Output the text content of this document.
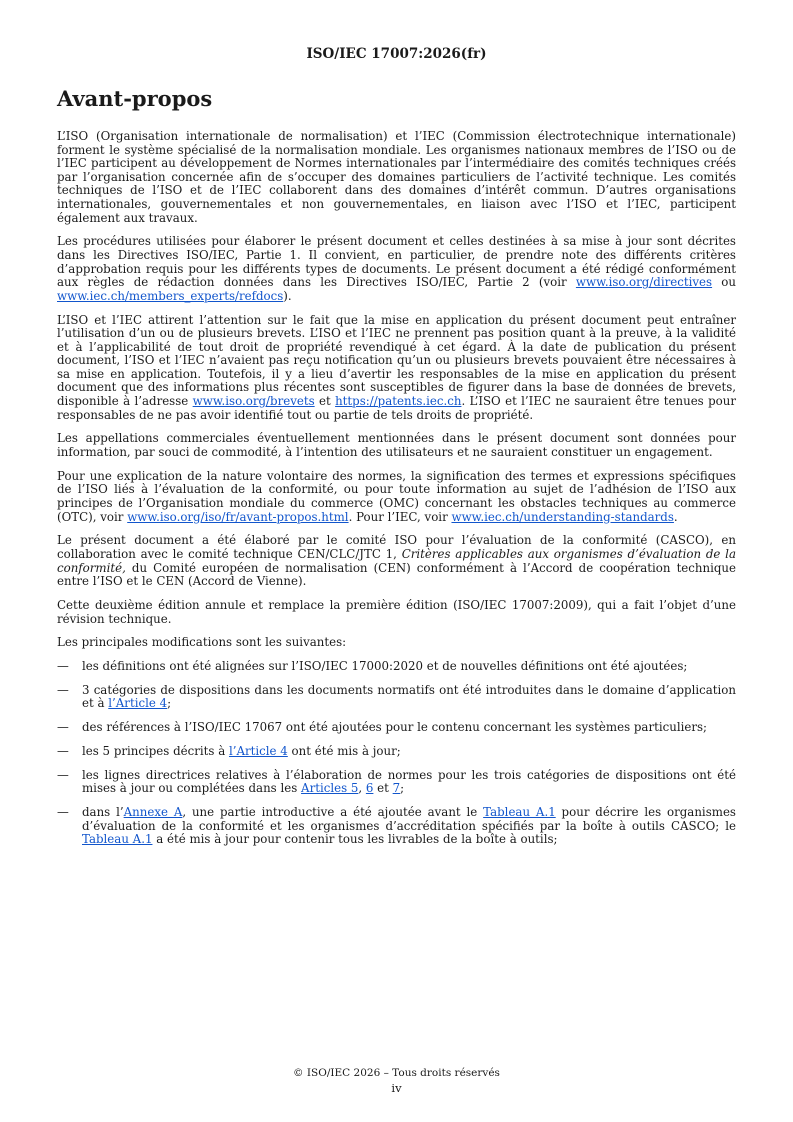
ISO/IEC 17007:2026(fr)
Avant-propos

L’ISO (Organisation internationale de normalisation) et l’IEC (Commission électrotechnique internationale) forment le système spécialisé de la normalisation mondiale. Les organismes nationaux membres de l’ISO ou de l’IEC participent au développement de Normes internationales par l’intermédiaire des comités techniques créés par l’organisation concernée afin de s’occuper des domaines particuliers de l’activité technique. Les comités techniques de l’ISO et de l’IEC collaborent dans des domaines d’intérêt commun. D’autres organisations internationales, gouvernementales et non gouvernementales, en liaison avec l’ISO et l’IEC, participent également aux travaux.

Les procédures utilisées pour élaborer le présent document et celles destinées à sa mise à jour sont décrites dans les Directives ISO/IEC, Partie 1. Il convient, en particulier, de prendre note des différents critères d’approbation requis pour les différents types de documents. Le présent document a été rédigé conformément aux règles de rédaction données dans les Directives ISO/IEC, Partie 2 (voir www.iso.org/directives ou www.iec.ch/members_experts/refdocs).

L’ISO et l’IEC attirent l’attention sur le fait que la mise en application du présent document peut entraîner l’utilisation d’un ou de plusieurs brevets. L’ISO et l’IEC ne prennent pas position quant à la preuve, à la validité et à l’applicabilité de tout droit de propriété revendiqué à cet égard. À la date de publication du présent document, l’ISO et l’IEC n’avaient pas reçu notification qu’un ou plusieurs brevets pouvaient être nécessaires à sa mise en application. Toutefois, il y a lieu d’avertir les responsables de la mise en application du présent document que des informations plus récentes sont susceptibles de figurer dans la base de données de brevets, disponible à l’adresse www.iso.org/brevets et https://patents.iec.ch. L’ISO et l’IEC ne sauraient être tenues pour responsables de ne pas avoir identifié tout ou partie de tels droits de propriété.

Les appellations commerciales éventuellement mentionnées dans le présent document sont données pour information, par souci de commodité, à l’intention des utilisateurs et ne sauraient constituer un engagement.

Pour une explication de la nature volontaire des normes, la signification des termes et expressions spécifiques de l’ISO liés à l’évaluation de la conformité, ou pour toute information au sujet de l’adhésion de l’ISO aux principes de l’Organisation mondiale du commerce (OMC) concernant les obstacles techniques au commerce (OTC), voir www.iso.org/iso/fr/avant-propos.html. Pour l’IEC, voir www.iec.ch/understanding-standards.

Le présent document a été élaboré par le comité ISO pour l’évaluation de la conformité (CASCO), en collaboration avec le comité technique CEN/CLC/JTC 1, Critères applicables aux organismes d’évaluation de la conformité, du Comité européen de normalisation (CEN) conformément à l’Accord de coopération technique entre l’ISO et le CEN (Accord de Vienne).

Cette deuxième édition annule et remplace la première édition (ISO/IEC 17007:2009), qui a fait l’objet d’une révision technique.

Les principales modifications sont les suivantes:

— les définitions ont été alignées sur l’ISO/IEC 17000:2020 et de nouvelles définitions ont été ajoutées;
— 3 catégories de dispositions dans les documents normatifs ont été introduites dans le domaine d’application et à l’Article 4;
— des références à l’ISO/IEC 17067 ont été ajoutées pour le contenu concernant les systèmes particuliers;
— les 5 principes décrits à l’Article 4 ont été mis à jour;
— les lignes directrices relatives à l’élaboration de normes pour les trois catégories de dispositions ont été mises à jour ou complétées dans les Articles 5, 6 et 7;
— dans l’Annexe A, une partie introductive a été ajoutée avant le Tableau A.1 pour décrire les organismes d’évaluation de la conformité et les organismes d’accréditation spécifiés par la boîte à outils CASCO; le Tableau A.1 a été mis à jour pour contenir tous les livrables de la boîte à outils;
© ISO/IEC 2026 – Tous droits réservés
iv
